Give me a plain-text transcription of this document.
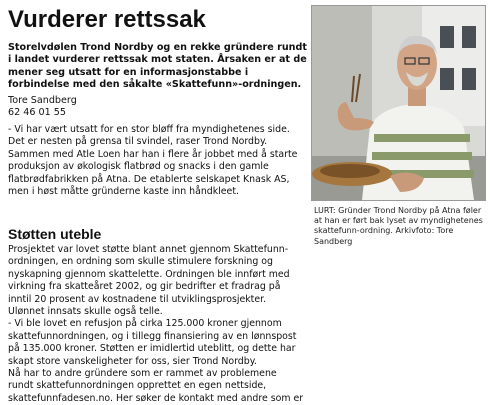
Vurderer rettssak

Storelvdølen Trond Nordby og en rekke gründere rundt i landet vurderer rettssak mot staten. Årsaken er at de mener seg utsatt for en informasjonstabbe i forbindelse med den såkalte «Skattefunn»-ordningen.

Tore Sandberg
62 46 01 55

- Vi har vært utsatt for en stor bløff fra myndighetenes side. Det er nesten på grensa til svindel, raser Trond Nordby.

Sammen med Atle Loen har han i flere år jobbet med å starte produksjon av økologisk flatbrød og snacks i den gamle flatbrødfabrikken på Atna. De etablerte selskapet Knask AS, men i høst måtte gründerne kaste inn håndkleet.

Støtten uteble

Prosjektet var lovet støtte blant annet gjennom Skattefunn-ordningen, en ordning som skulle stimulere forskning og nyskapning gjennom skattelette. Ordningen ble innført med virkning fra skatteåret 2002, og gir bedrifter et fradrag på inntil 20 prosent av kostnadene til utviklingsprosjekter. Ulønnet innsats skulle også telle.

- Vi ble lovet en refusjon på cirka 125.000 kroner gjennom skattefunnordningen, og i tillegg finansiering av en lønnspost på 135.000 kroner. Støtten er imidlertid uteblitt, og dette har skapt store vanskeligheter for oss, sier Trond Nordby.

Nå har to andre gründere som er rammet av problemene rundt skattefunnordningen opprettet en egen nettside, skattefunnfadesen.no. Her søker de kontakt med andre som er

LURT: Gründer Trond Nordby på Atna føler at han er ført bak lyset av myndighetenes skattefunn-ordning. Arkivfoto: Tore Sandberg
